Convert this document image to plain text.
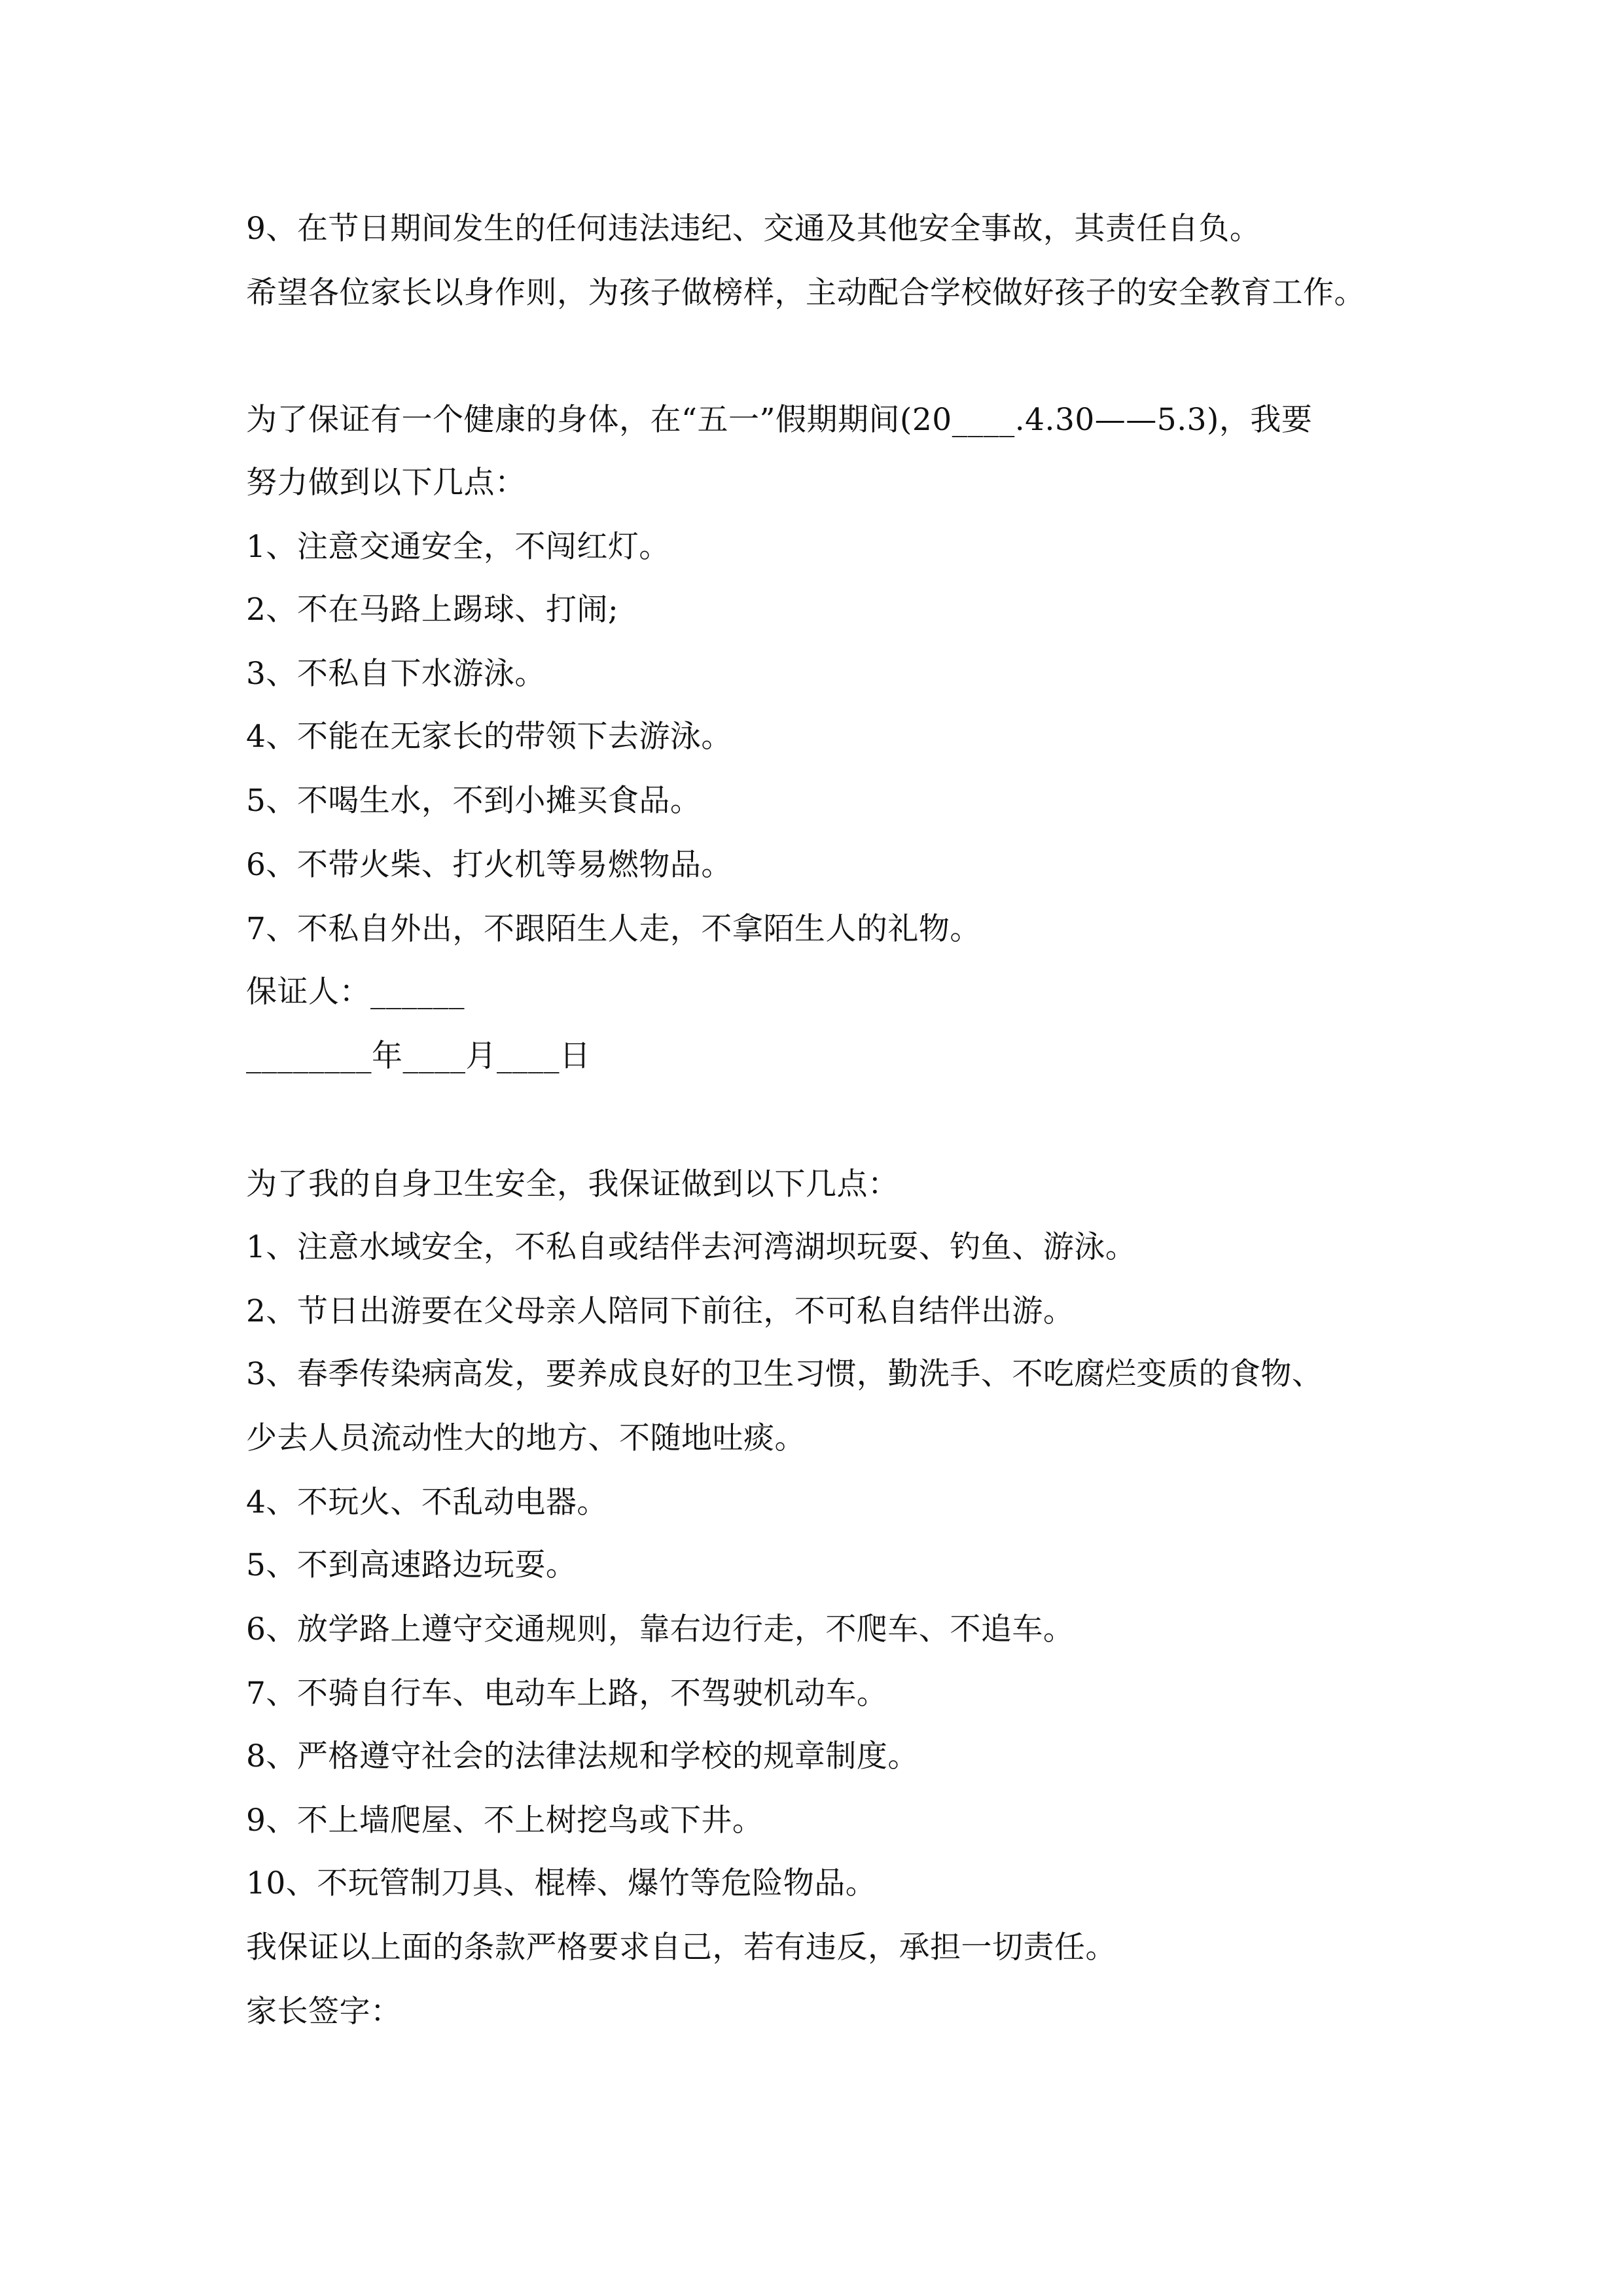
9、在节日期间发生的任何违法违纪、交通及其他安全事故，其责任自负。
希望各位家长以身作则，为孩子做榜样，主动配合学校做好孩子的安全教育工作。
为了保证有一个健康的身体，在“五一”假期期间(20____.4.30——5.3)，我要
努力做到以下几点：
1、注意交通安全，不闯红灯。
2、不在马路上踢球、打闹;
3、不私自下水游泳。
4、不能在无家长的带领下去游泳。
5、不喝生水，不到小摊买食品。
6、不带火柴、打火机等易燃物品。
7、不私自外出，不跟陌生人走，不拿陌生人的礼物。
保证人：______
________年____月____日
为了我的自身卫生安全，我保证做到以下几点：
1、注意水域安全，不私自或结伴去河湾湖坝玩耍、钓鱼、游泳。
2、节日出游要在父母亲人陪同下前往，不可私自结伴出游。
3、春季传染病高发，要养成良好的卫生习惯，勤洗手、不吃腐烂变质的食物、
少去人员流动性大的地方、不随地吐痰。
4、不玩火、不乱动电器。
5、不到高速路边玩耍。
6、放学路上遵守交通规则，靠右边行走，不爬车、不追车。
7、不骑自行车、电动车上路，不驾驶机动车。
8、严格遵守社会的法律法规和学校的规章制度。
9、不上墙爬屋、不上树挖鸟或下井。
10、不玩管制刀具、棍棒、爆竹等危险物品。
我保证以上面的条款严格要求自己，若有违反，承担一切责任。
家长签字：
